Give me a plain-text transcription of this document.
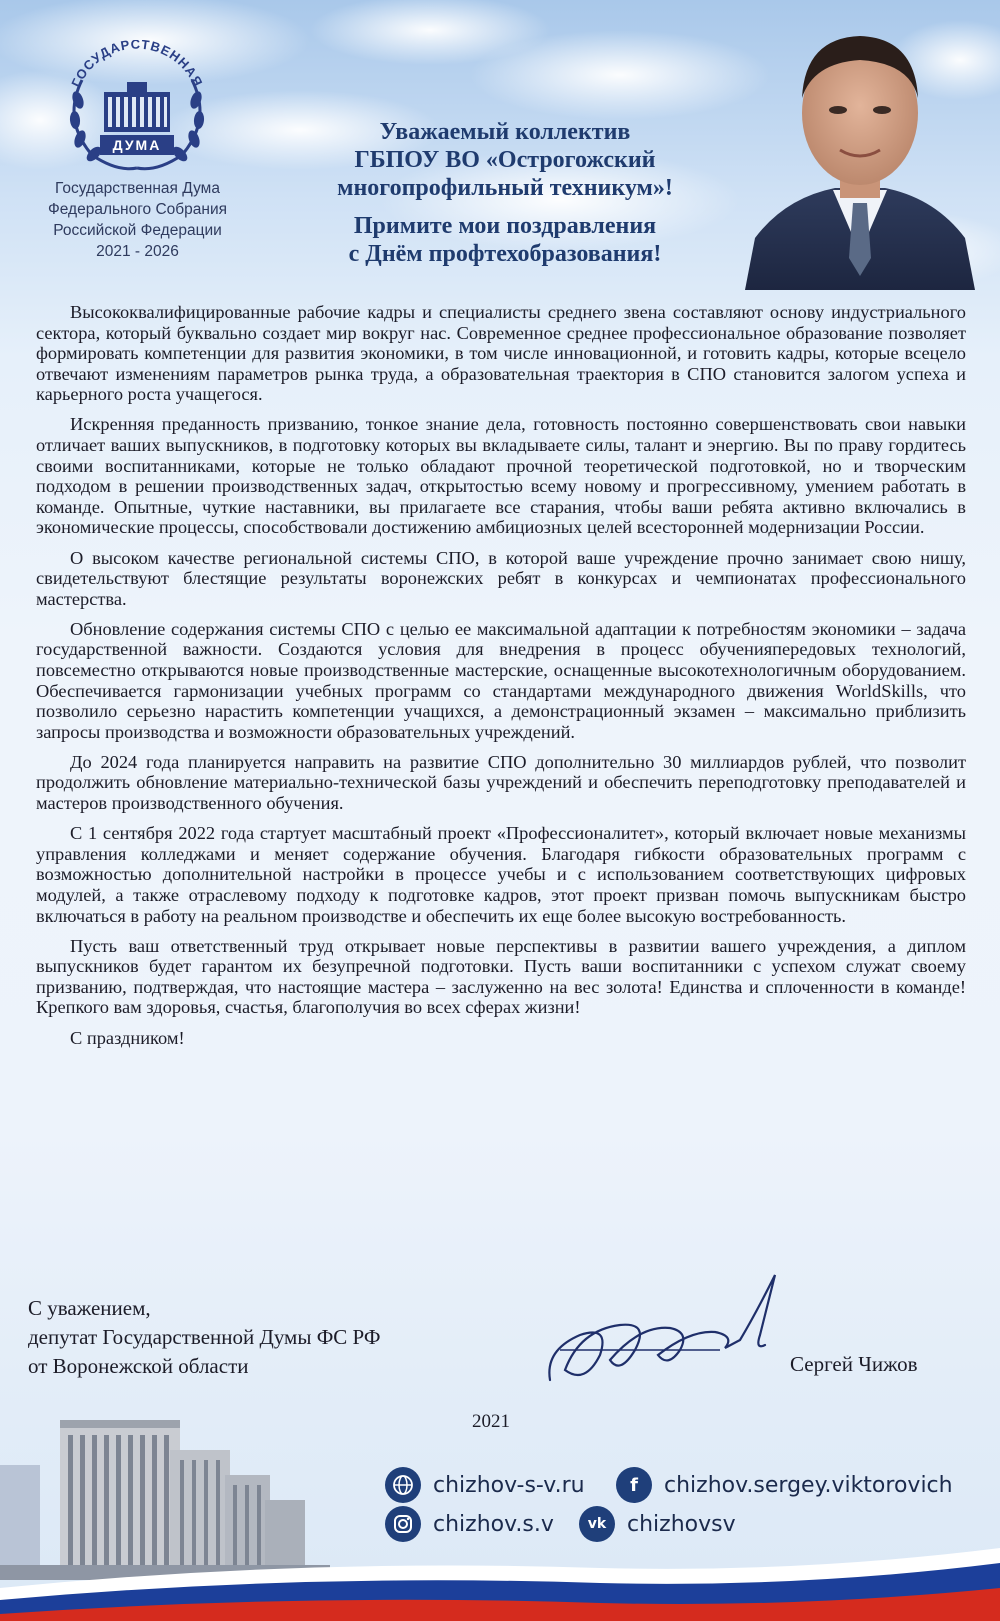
ГОСУДАРСТВЕННАЯ
ДУМА
Государственная Дума
Федерального Собрания
Российской Федерации
2021 - 2026
Уважаемый коллектив
ГБПОУ ВО «Острогожский
многопрофильный техникум»!
Примите мои поздравления
с Днём профтехобразования!

Высококвалифицированные рабочие кадры и специалисты среднего звена составляют основу индустриального сектора, который буквально создает мир вокруг нас. Современное среднее профессиональное образование позволяет формировать компетенции для развития экономики, в том числе инновационной, и готовить кадры, которые всецело отвечают изменениям параметров рынка труда, а образовательная траектория в СПО становится залогом успеха и карьерного роста учащегося.

Искренняя преданность призванию, тонкое знание дела, готовность постоянно совершенствовать свои навыки отличает ваших выпускников, в подготовку которых вы вкладываете силы, талант и энергию. Вы по праву гордитесь своими воспитанниками, которые не только обладают прочной теоретической подготовкой, но и творческим подходом в решении производственных задач, открытостью всему новому и прогрессивному, умением работать в команде. Опытные, чуткие наставники, вы прилагаете все старания, чтобы ваши ребята активно включались в экономические процессы, способствовали достижению амбициозных целей всесторонней модернизации России.

О высоком качестве региональной системы СПО, в которой ваше учреждение прочно занимает свою нишу, свидетельствуют блестящие результаты воронежских ребят в конкурсах и чемпионатах профессионального мастерства.

Обновление содержания системы СПО с целью ее максимальной адаптации к потребностям экономики – задача государственной важности. Создаются условия для внедрения в процесс обученияпередовых технологий, повсеместно открываются новые производственные мастерские, оснащенные высокотехнологичным оборудованием. Обеспечивается гармонизации учебных программ со стандартами международного движения WorldSkills, что позволило серьезно нарастить компетенции учащихся, а демонстрационный экзамен – максимально приблизить запросы производства и возможности образовательных учреждений.

До 2024 года планируется направить на развитие СПО дополнительно 30 миллиардов рублей, что позволит продолжить обновление материально-технической базы учреждений и обеспечить переподготовку преподавателей и мастеров производственного обучения.

С 1 сентября 2022 года стартует масштабный проект «Профессионалитет», который включает новые механизмы управления колледжами и меняет содержание обучения. Благодаря гибкости образовательных программ с возможностью дополнительной настройки в процессе учебы и с использованием соответствующих цифровых модулей, а также отраслевому подходу к подготовке кадров, этот проект призван помочь выпускникам быстро включаться в работу на реальном производстве и обеспечить их еще более высокую востребованность.

Пусть ваш ответственный труд открывает новые перспективы в развитии вашего учреждения, а диплом выпускников будет гарантом их безупречной подготовки. Пусть ваши воспитанники с успехом служат своему призванию, подтверждая, что настоящие мастера – заслуженно на вес золота! Единства и сплоченности в команде! Крепкого вам здоровья, счастья, благополучия во всех сферах жизни!

С праздником!

С уважением,
депутат Государственной Думы ФС РФ
от Воронежской области	Сергей Чижов
2021
chizhov-s-v.ru	f	chizhov.sergey.viktorovich
chizhov.s.v	vk chizhovsv
